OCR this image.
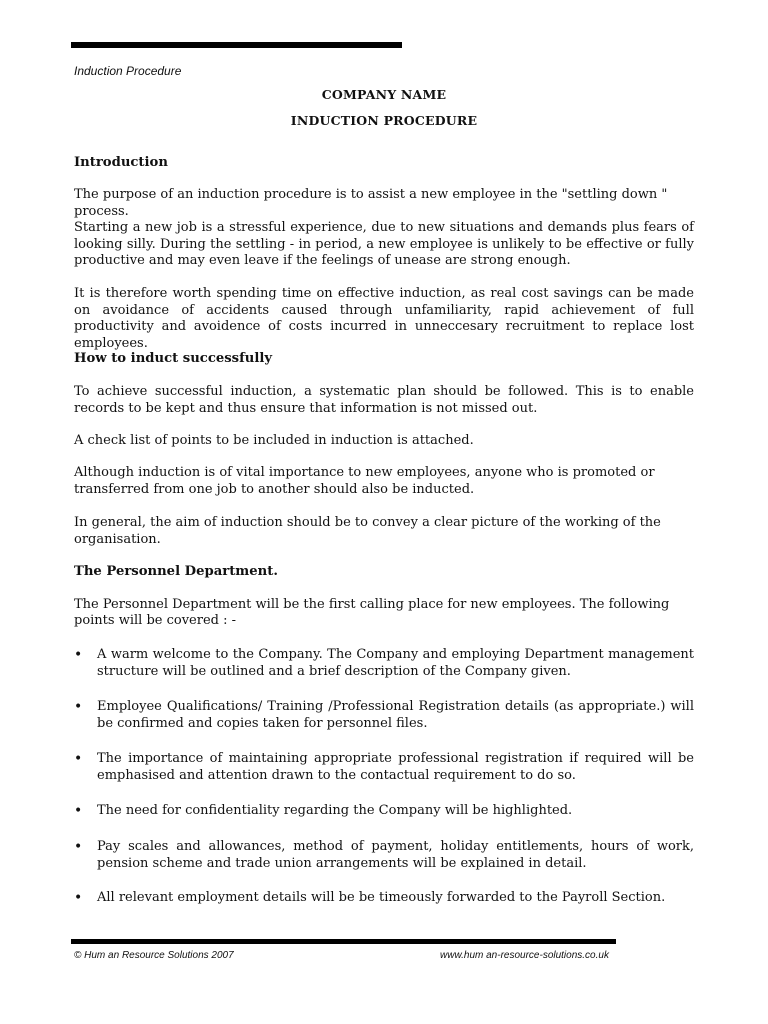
Induction Procedure
COMPANY NAME
INDUCTION PROCEDURE
Introduction
The purpose of an induction procedure is to assist a new employee in the "settling down " process.
Starting a new job is a stressful experience, due to new situations and demands plus fears of looking silly. During the settling - in period, a new employee is unlikely to be effective or fully productive and may even leave if the feelings of unease are strong enough.
It is therefore worth spending time on effective induction, as real cost savings can be made on avoidance of accidents caused through unfamiliarity, rapid achievement of full productivity and avoidence of costs incurred in unneccesary recruitment to replace lost employees.
How to induct successfully
To achieve successful induction, a systematic plan should be followed. This is to enable records to be kept and thus ensure that information is not missed out.
A check list of points to be included in induction is attached.
Although induction is of vital importance to new employees, anyone who is promoted or transferred from one job to another should also be inducted.
In general, the aim of induction should be to convey a clear picture of the working of the organisation.
The Personnel Department.
The Personnel Department will be the first calling place for new employees. The following
points will be covered : -
•	A warm welcome to the Company. The Company and employing Department management structure will be outlined and a brief description of the Company given.
•	Employee Qualifications/ Training /Professional Registration details (as appropriate.) will be confirmed and copies taken for personnel files.
•	The importance of maintaining appropriate professional registration if required will be emphasised and attention drawn to the contactual requirement to do so.
•	The need for confidentiality regarding the Company will be highlighted.
•	Pay scales and allowances, method of payment, holiday entitlements, hours of work, pension scheme and trade union arrangements will be explained in detail.
•	All relevant employment details will be be timeously forwarded to the Payroll Section.
© Hum an Resource Solutions 2007	www.hum an-resource-solutions.co.uk
